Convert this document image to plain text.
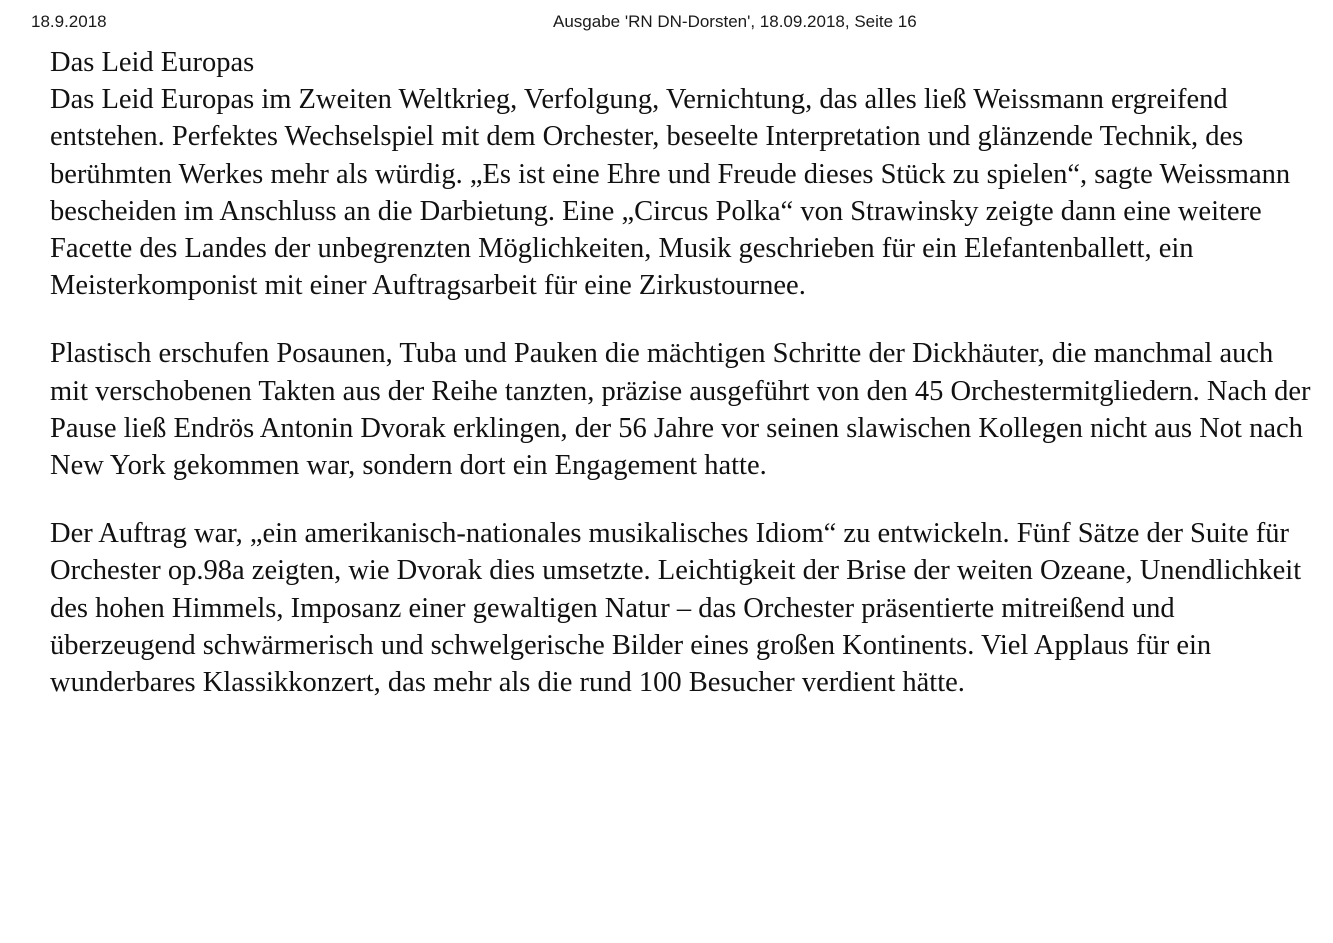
18.9.2018	Ausgabe 'RN DN-Dorsten', 18.09.2018, Seite 16
Das Leid Europas

Das Leid Europas im Zweiten Weltkrieg, Verfolgung, Vernichtung, das alles ließ Weissmann ergreifend entstehen. Perfektes Wechselspiel mit dem Orchester, beseelte Interpretation und glänzende Technik, des berühmten Werkes mehr als würdig. „Es ist eine Ehre und Freude dieses Stück zu spielen“, sagte Weissmann bescheiden im Anschluss an die Darbietung. Eine „Circus Polka“ von Strawinsky zeigte dann eine weitere Facette des Landes der unbegrenzten Möglichkeiten, Musik geschrieben für ein Elefantenballett, ein Meisterkomponist mit einer Auftragsarbeit für eine Zirkustournee.

Plastisch erschufen Posaunen, Tuba und Pauken die mächtigen Schritte der Dickhäuter, die manchmal auch mit verschobenen Takten aus der Reihe tanzten, präzise ausgeführt von den 45 Orchestermitgliedern. Nach der Pause ließ Endrös Antonin Dvorak erklingen, der 56 Jahre vor seinen slawischen Kollegen nicht aus Not nach New York gekommen war, sondern dort ein Engagement hatte.

Der Auftrag war, „ein amerikanisch-nationales musikalisches Idiom“ zu entwickeln. Fünf Sätze der Suite für Orchester op.98a zeigten, wie Dvorak dies umsetzte. Leichtigkeit der Brise der weiten Ozeane, Unendlichkeit des hohen Himmels, Imposanz einer gewaltigen Natur – das Orchester präsentierte mitreißend und überzeugend schwärmerisch und schwelgerische Bilder eines großen Kontinents. Viel Applaus für ein wunderbares Klassikkonzert, das mehr als die rund 100 Besucher verdient hätte.
